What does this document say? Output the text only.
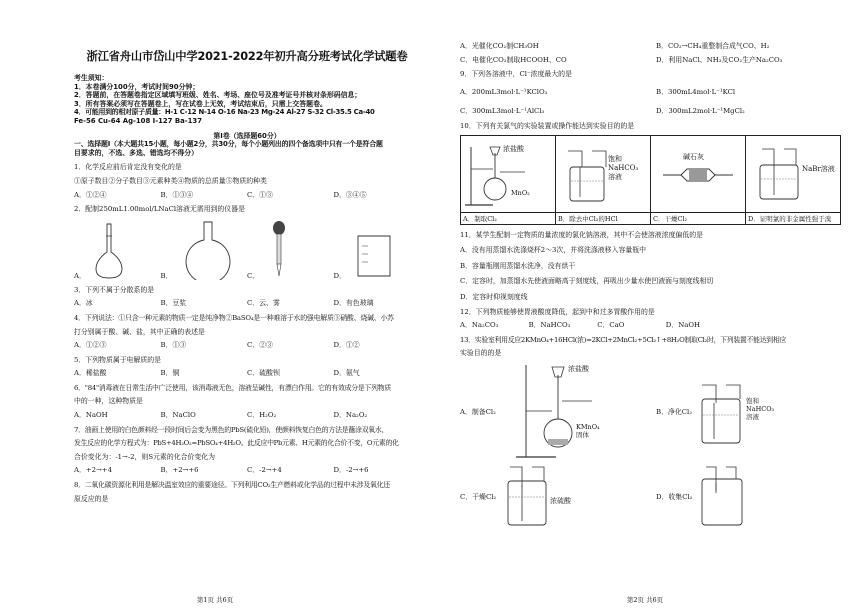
浙江省舟山市岱山中学2021-2022年初升高分班考试化学试题卷
考生须知：
1．本卷满分100分，考试时间90分钟；
2．答题前，在答题卷指定区域填写班级、姓名、考场、座位号及准考证号并核对条形码信息；
3．所有答案必须写在答题卷上，写在试卷上无效，考试结束后，只需上交答题卷。
4．可能用到的相对原子质量：H-1 C-12 N-14 O-16 Na-23 Mg-24 Al-27 S-32 Cl-35.5 Ca-40
Fe-56 Cu-64 Ag-108 I-127 Ba-137
第Ⅰ卷（选择题60分）
一、选择题Ⅰ（本大题共15小题，每小题2分，共30分，每个小题列出的四个备选项中只有一个是符合题
目要求的，不选、多选、错选均不得分）
1．化学反应前后肯定没有变化的是
①原子数目②分子数目③元素种类④物质的总质量⑤物质的种类
A．①②④	B．①③④	C．①③	D．③④⑤
2．配制250mL1.00mol/LNaCl溶液无需用到的仪器是
A．	B．	C．	D．
3．下列不属于分散系的是
A．冰	B．豆浆	C．云、雾	D．有色玻璃
4．下列说法：①只含一种元素的物质一定是纯净物②BaSO₄是一种难溶于水的强电解质③硝酸、烧碱、小苏
打分别属于酸、碱、盐，其中正确的表述是
A．①②③	B．①③	C．②③	D．①②
5．下列物质属于电解质的是
A．稀盐酸	B．铜	C．硫酸钡	D．氨气
6．"84"消毒液在日常生活中广泛使用，该消毒液无色，溶液呈碱性，有漂白作用。它的有效成分是下列物质
中的一种，这种物质是
A．NaOH	B．NaClO	C．H₂O₂	D．Na₂O₂
7．油画上使用的白色颜料经一段时间后会变为黑色的PbS(硫化铅)，使颜料恢复白色的方法是蘸涂双氧水，
发生反应的化学方程式为：PbS+4H₂O₂=PbSO₄+4H₂O。此反应中Pb元素、H元素的化合价不变，O元素的化
合价变化为：-1→-2，则S元素的化合价变化为
A．+2→+4	B．+2→+6	C．-2→+4	D．-2→+6
8．二氧化碳资源化利用是解决温室效应的重要途径。下列利用CO₂生产燃料或化学品的过程中未涉及氧化还
原反应的是
第1页 共6页
A．光催化CO₂制CH₃OH	B．CO₂→CH₄重整制合成气CO、H₂
C．电催化CO₂制取HCOOH、CO	D．利用NaCl、NH₃及CO₂生产Na₂CO₃
9．下列各溶液中，Cl⁻浓度最大的是
A．200mL3mol·L⁻¹KClO₃	B．300mL4mol·L⁻¹KCl
C．300mL3mol·L⁻¹AlCl₃	D．300mL2mol·L⁻¹MgCl₂
10．下列有关氯气的实验装置或操作能达到实验目的的是
浓盐酸
MnO₂	饱和
NaHCO₃
溶液	碱石灰	NaBr溶液

A．制取Cl₂	B．除去中Cl₂的HCl	C．干燥Cl₂	D．证明氯的非金属性强于溴
11．某学生配制一定物质的量浓度的氯化钠溶液，其中不会使溶液浓度偏低的是
A．没有用蒸馏水洗涤烧杯2～3次，并将洗涤液移入容量瓶中
B．容量瓶刚用蒸馏水洗净，没有烘干
C．定容时，加蒸馏水先使液面略高于刻度线，再吸出少量水使凹液面与刻度线相切
D．定容时仰视刻度线
12．下列物质能够使胃液酸度降低，起到中和过多胃酸作用的是
A．Na₂CO₃	B．NaHCO₃	C．CaO	D．NaOH
13．实验室利用反应2KMnO₄+16HCl(浓)=2KCl+2MnCl₂+5Cl₂↑+8H₂O制取Cl₂时，下列装置不能达到相应
实验目的的是
A．制备Cl₂
浓盐酸
KMnO₄
固体
B．净化Cl₂
饱和
NaHCO₃
溶液
C．干燥Cl₂	浓硫酸	D．收集Cl₂
第2页 共6页
